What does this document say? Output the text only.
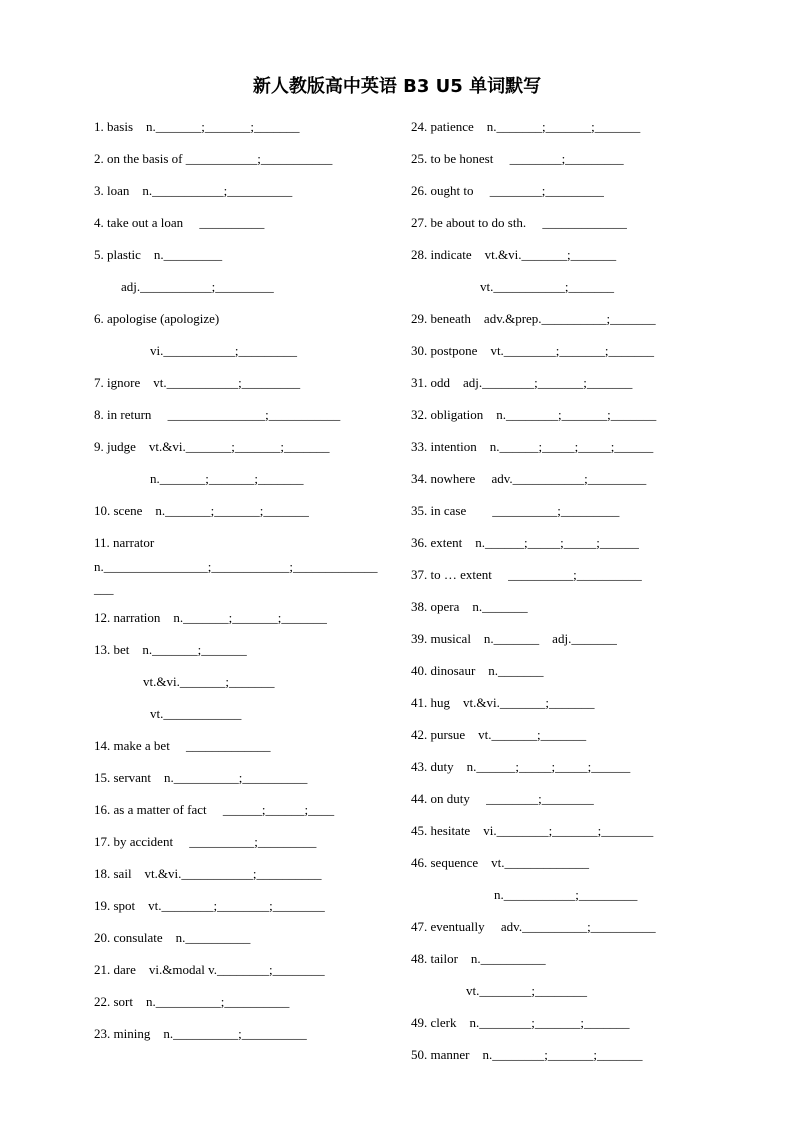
新人教版高中英语 B3 U5 单词默写
1. basis    n._______;_______;_______
2. on the basis of ___________;___________
3. loan    n.___________;__________
4. take out a loan     __________
5. plastic    n._________
adj.___________;_________
6. apologise (apologize)
vi.___________;_________
7. ignore    vt.___________;_________
8. in return     _______________;___________
9. judge    vt.&vi._______;_______;_______
n._______;_______;_______
10. scene    n._______;_______;_______
11. narrator
n.________________;____________;_____________
___
12. narration    n._______;_______;_______
13. bet    n._______;_______
vt.&vi._______;_______
vt.____________
14. make a bet     _____________
15. servant    n.__________;__________
16. as a matter of fact     ______;______;____
17. by accident     __________;_________
18. sail    vt.&vi.___________;__________
19. spot    vt.________;________;________
20. consulate    n.__________
21. dare    vi.&modal v.________;________
22. sort    n.__________;__________
23. mining    n.__________;__________
24. patience    n._______;_______;_______
25. to be honest     ________;_________
26. ought to     ________;_________
27. be about to do sth.     _____________
28. indicate    vt.&vi._______;_______
vt.___________;_______
29. beneath    adv.&prep.__________;_______
30. postpone    vt.________;_______;_______
31. odd    adj.________;_______;_______
32. obligation    n.________;_______;_______
33. intention    n.______;_____;_____;______
34. nowhere     adv.___________;_________
35. in case        __________;_________
36. extent    n.______;_____;_____;______
37. to … extent     __________;__________
38. opera    n._______
39. musical    n._______    adj._______
40. dinosaur    n._______
41. hug    vt.&vi._______;_______
42. pursue    vt._______;_______
43. duty    n.______;_____;_____;______
44. on duty     ________;________
45. hesitate    vi.________;_______;________
46. sequence    vt._____________
n.___________;_________
47. eventually     adv.__________;__________
48. tailor    n.__________
vt.________;________
49. clerk    n.________;_______;_______
50. manner    n.________;_______;_______
